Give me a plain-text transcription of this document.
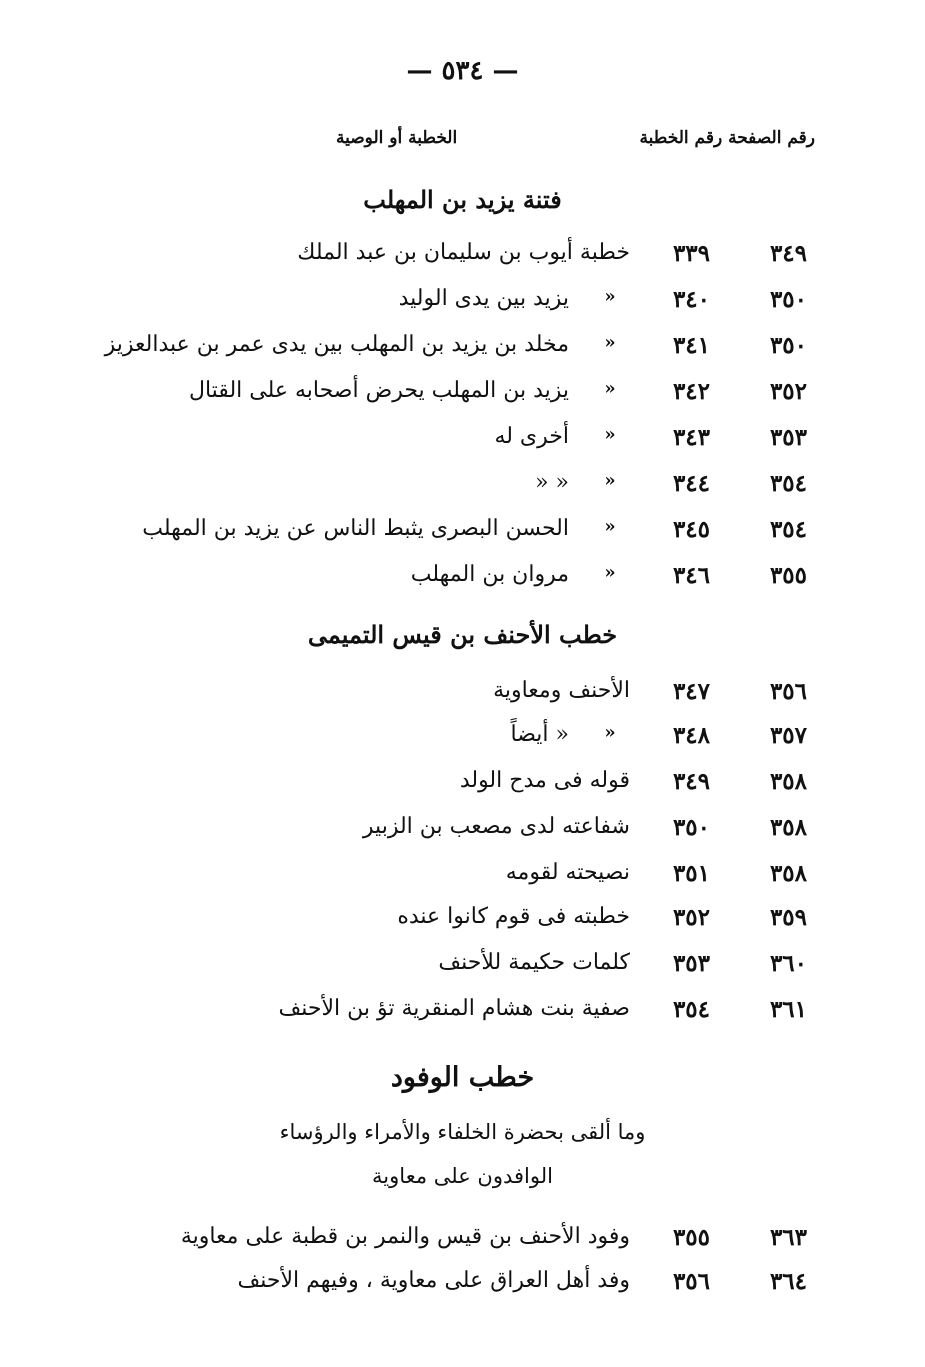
— ٥٣٤ —
رقم الصفحة رقم الخطبة
الخطبة أو الوصية
فتنة يزيد بن المهلب
٣٤٩
٣٣٩
خطبة أيوب بن سليمان بن عبد الملك
٣٥٠
٣٤٠
«
يزيد بين يدى الوليد
٣٥٠
٣٤١
«
مخلد بن يزيد بن المهلب بين يدى عمر بن عبدالعزيز
٣٥٢
٣٤٢
«
يزيد بن المهلب يحرض أصحابه على القتال
٣٥٣
٣٤٣
«
أخرى له
٣٥٤
٣٤٤
«
« «
٣٥٤
٣٤٥
«
الحسن البصرى يثبط الناس عن يزيد بن المهلب
٣٥٥
٣٤٦
«
مروان بن المهلب
خطب الأحنف بن قيس التميمى
٣٥٦
٣٤٧
الأحنف ومعاوية
٣٥٧
٣٤٨
«
« أيضاً
٣٥٨
٣٤٩
قوله فى مدح الولد
٣٥٨
٣٥٠
شفاعته لدى مصعب بن الزبير
٣٥٨
٣٥١
نصيحته لقومه
٣٥٩
٣٥٢
خطبته فى قوم كانوا عنده
٣٦٠
٣٥٣
كلمات حكيمة للأحنف
٣٦١
٣٥٤
صفية بنت هشام المنقرية تؤ بن الأحنف
خطب الوفود
وما ألقى بحضرة الخلفاء والأمراء والرؤساء
الوافدون على معاوية
٣٦٣
٣٥٥
وفود الأحنف بن قيس والنمر بن قطبة على معاوية
٣٦٤
٣٥٦
وفد أهل العراق على معاوية ، وفيهم الأحنف
